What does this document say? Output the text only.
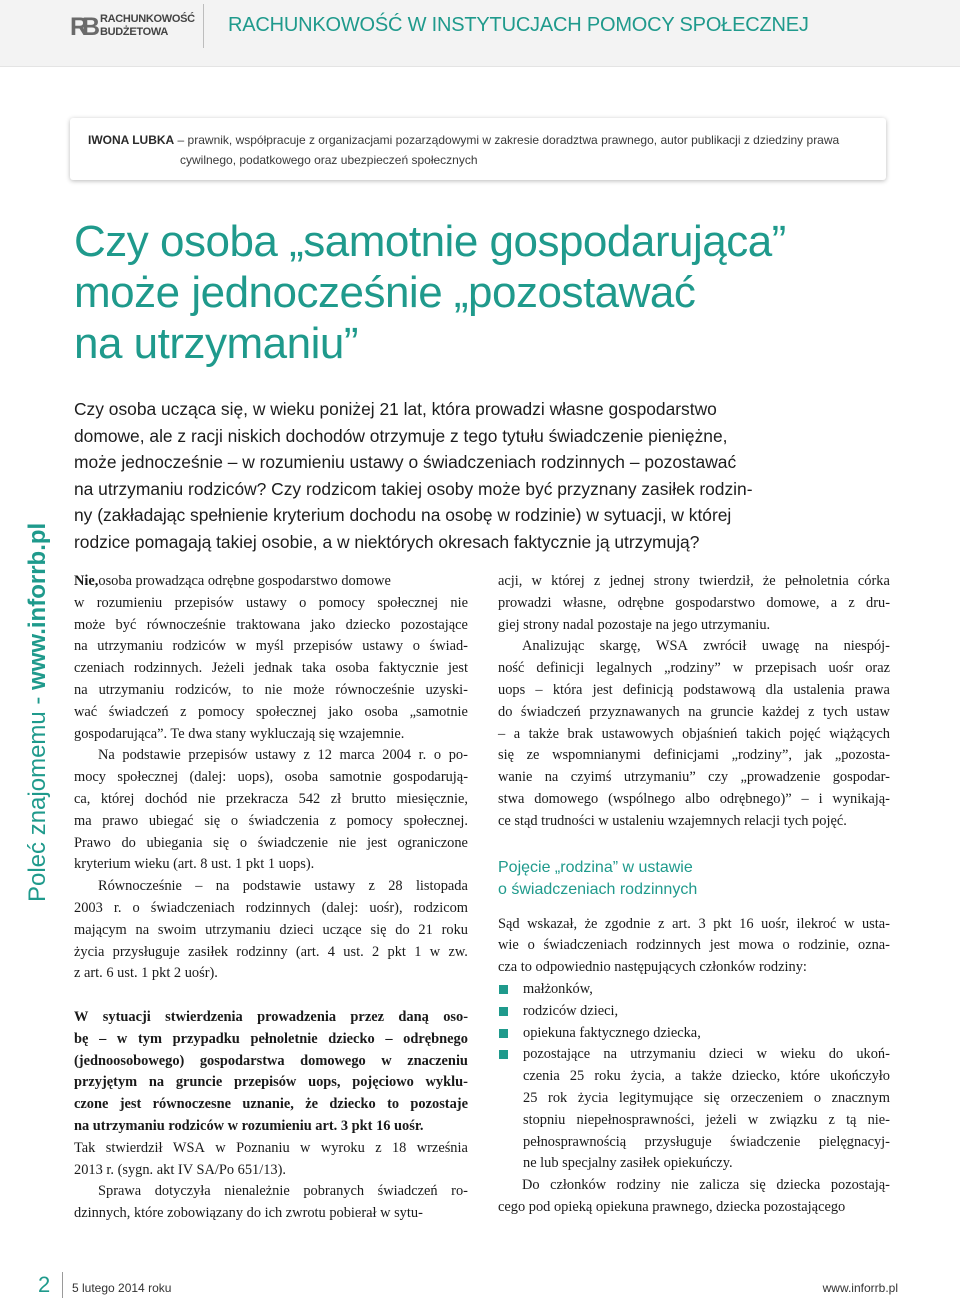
RB RACHUNKOWOŚĆ
BUDŻETOWA	RACHUNKOWOŚĆ W INSTYTUCJACH POMOCY SPOŁECZNEJ
IWONA LUBKA – prawnik, współpracuje z organizacjami pozarządowymi w zakresie doradztwa prawnego, autor publikacji z dziedziny prawa
cywilnego, podatkowego oraz ubezpieczeń społecznych
Poleć znajomemu - www.inforrb.pl
Czy osoba „samotnie gospodarująca”
może jednocześnie „pozostawać
na utrzymaniu”
Czy osoba ucząca się, w wieku poniżej 21 lat, która prowadzi własne gospodarstwo
domowe, ale z racji niskich dochodów otrzymuje z tego tytułu świadczenie pieniężne,
może jednocześnie – w rozumieniu ustawy o świadczeniach rodzinnych – pozostawać
na utrzymaniu rodziców? Czy rodzicom takiej osoby może być przyznany zasiłek rodzin-
ny (zakładając spełnienie kryterium dochodu na osobę w rodzinie) w sytuacji, w której
rodzice pomagają takiej osobie, a w niektórych okresach faktycznie ją utrzymują?
Nie, osoba prowadząca odrębne gospodarstwo domowe
w rozumieniu przepisów ustawy o pomocy społecznej nie
może być równocześnie traktowana jako dziecko pozostające
na utrzymaniu rodziców w myśl przepisów ustawy o świad-
czeniach rodzinnych. Jeżeli jednak taka osoba faktycznie jest
na utrzymaniu rodziców, to nie może równocześnie uzyski-
wać świadczeń z pomocy społecznej jako osoba „samotnie
gospodarująca”. Te dwa stany wykluczają się wzajemnie.
Na podstawie przepisów ustawy z 12 marca 2004 r. o po-
mocy społecznej (dalej: uops), osoba samotnie gospodarują-
ca, której dochód nie przekracza 542 zł brutto miesięcznie,
ma prawo ubiegać się o świadczenia z pomocy społecznej.
Prawo do ubiegania się o świadczenie nie jest ograniczone
kryterium wieku (art. 8 ust. 1 pkt 1 uops).
Równocześnie – na podstawie ustawy z 28 listopada
2003 r. o świadczeniach rodzinnych (dalej: uośr), rodzicom
mającym na swoim utrzymaniu dzieci uczące się do 21 roku
życia przysługuje zasiłek rodzinny (art. 4 ust. 2 pkt 1 w zw.
z art. 6 ust. 1 pkt 2 uośr).
W sytuacji stwierdzenia prowadzenia przez daną oso-
bę – w tym przypadku pełnoletnie dziecko – odrębnego
(jednoosobowego) gospodarstwa domowego w znaczeniu
przyjętym na gruncie przepisów uops, pojęciowo wyklu-
czone jest równoczesne uznanie, że dziecko to pozostaje
na utrzymaniu rodziców w rozumieniu art. 3 pkt 16 uośr.
Tak stwierdził WSA w Poznaniu w wyroku z 18 września
2013 r. (sygn. akt IV SA/Po 651/13).
Sprawa dotyczyła nienależnie pobranych świadczeń ro-
dzinnych, które zobowiązany do ich zwrotu pobierał w sytu-
acji, w której z jednej strony twierdził, że pełnoletnia córka
prowadzi własne, odrębne gospodarstwo domowe, a z dru-
giej strony nadal pozostaje na jego utrzymaniu.
Analizując skargę, WSA zwrócił uwagę na niespój-
ność definicji legalnych „rodziny” w przepisach uośr oraz
uops – która jest definicją podstawową dla ustalenia prawa
do świadczeń przyznawanych na gruncie każdej z tych ustaw
– a także brak ustawowych objaśnień takich pojęć wiążących
się ze wspomnianymi definicjami „rodziny”, jak „pozosta-
wanie na czyimś utrzymaniu” czy „prowadzenie gospodar-
stwa domowego (wspólnego albo odrębnego)” – i wynikają-
ce stąd trudności w ustaleniu wzajemnych relacji tych pojęć.
Pojęcie „rodzina” w ustawie
o świadczeniach rodzinnych
Sąd wskazał, że zgodnie z art. 3 pkt 16 uośr, ilekroć w usta-
wie o świadczeniach rodzinnych jest mowa o rodzinie, ozna-
cza to odpowiednio następujących członków rodziny:
małżonków,
rodziców dzieci,
opiekuna faktycznego dziecka,
pozostające na utrzymaniu dzieci w wieku do ukoń-
czenia 25 roku życia, a także dziecko, które ukończyło
25 rok życia legitymujące się orzeczeniem o znacznym
stopniu niepełnosprawności, jeżeli w związku z tą nie-
pełnosprawnością przysługuje świadczenie pielęgnacyj-
ne lub specjalny zasiłek opiekuńczy.
Do członków rodziny nie zalicza się dziecka pozostają-
cego pod opieką opiekuna prawnego, dziecka pozostającego
2 5 lutego 2014 roku	www.inforrb.pl
